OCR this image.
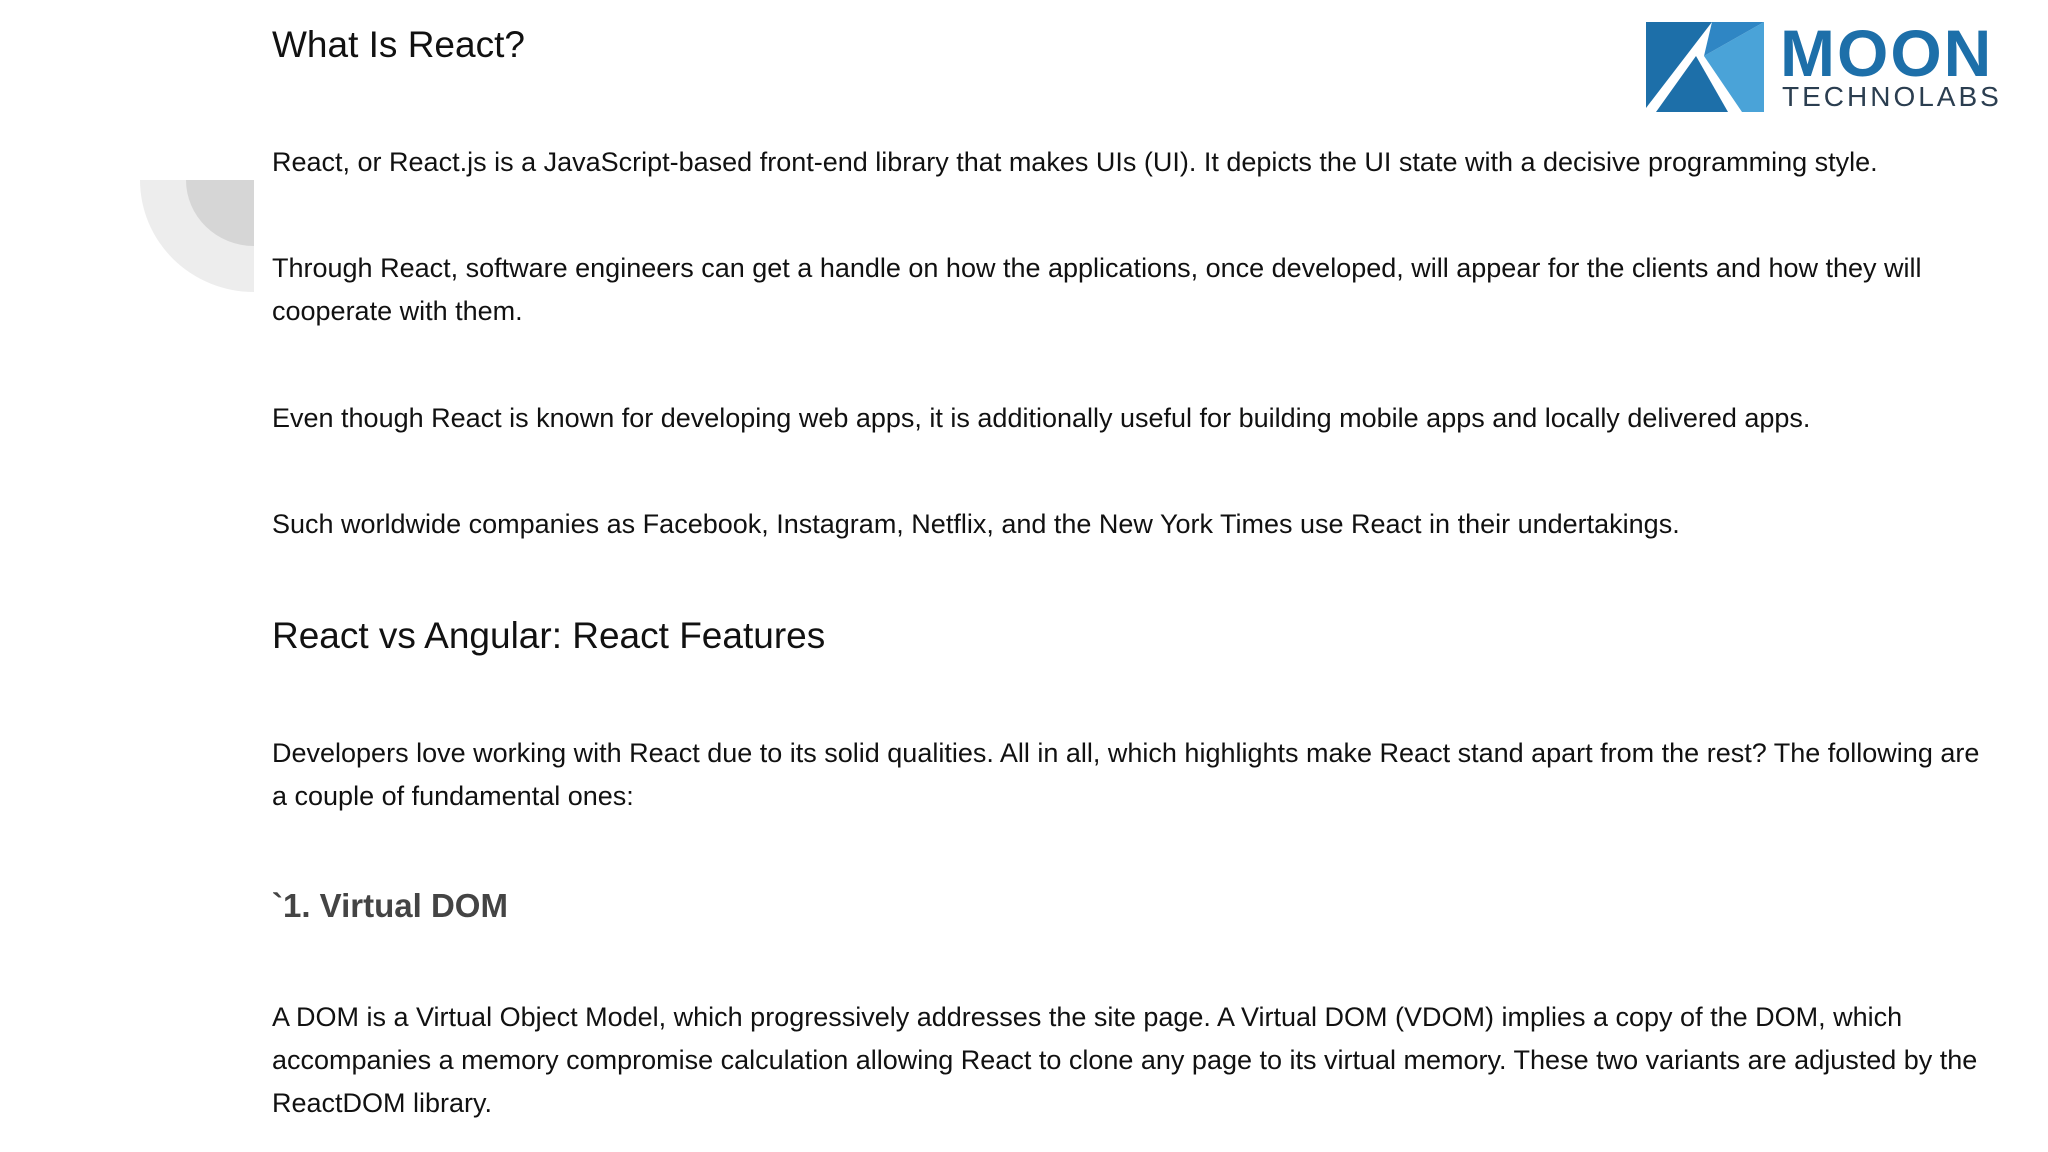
MOON
TECHNOLABS
What Is React?

React, or React.js is a JavaScript-based front-end library that makes UIs (UI). It depicts the UI state with a decisive programming style.

Through React, software engineers can get a handle on how the applications, once developed, will appear for the clients and how they will cooperate with them.

Even though React is known for developing web apps, it is additionally useful for building mobile apps and locally delivered apps.

Such worldwide companies as Facebook, Instagram, Netflix, and the New York Times use React in their undertakings.

React vs Angular: React Features

Developers love working with React due to its solid qualities. All in all, which highlights make React stand apart from the rest? The following are a couple of fundamental ones:

`1. Virtual DOM

A DOM is a Virtual Object Model, which progressively addresses the site page. A Virtual DOM (VDOM) implies a copy of the DOM, which accompanies a memory compromise calculation allowing React to clone any page to its virtual memory. These two variants are adjusted by the ReactDOM library.
